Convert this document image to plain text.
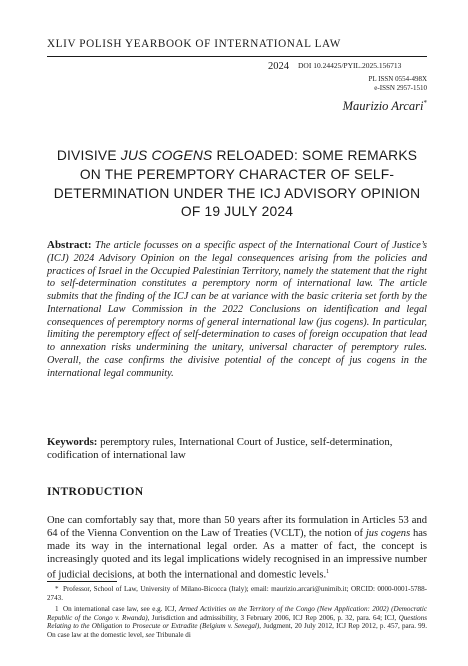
XLIV POLISH YEARBOOK OF INTERNATIONAL LAW
2024 DOI 10.24425/PYIL.2025.156713
PL ISSN 0554-498X
e-ISSN 2957-1510
Maurizio Arcari*
DIVISIVE JUS COGENS RELOADED: SOME REMARKS ON THE PEREMPTORY CHARACTER OF SELF-DETERMINATION UNDER THE ICJ ADVISORY OPINION OF 19 JULY 2024
Abstract: The article focusses on a specific aspect of the International Court of Justice’s (ICJ) 2024 Advisory Opinion on the legal consequences arising from the policies and practices of Israel in the Occupied Palestinian Territory, namely the statement that the right to self-determination constitutes a peremptory norm of international law. The article submits that the finding of the ICJ can be at variance with the basic criteria set forth by the International Law Commission in the 2022 Conclusions on identification and legal consequences of peremptory norms of general international law (jus cogens). In particular, limiting the peremptory effect of self-determination to cases of foreign occupation that lead to annexation risks undermining the unitary, universal character of peremptory rules. Overall, the case confirms the divisive potential of the concept of jus cogens in the international legal community.
Keywords: peremptory rules, International Court of Justice, self-determination, codification of international law
INTRODUCTION
One can comfortably say that, more than 50 years after its formulation in Articles 53 and 64 of the Vienna Convention on the Law of Treaties (VCLT), the notion of jus cogens has made its way in the international legal order. As a matter of fact, the concept is increasingly quoted and its legal implications widely recognised in an impressive number of judicial decisions, at both the international and domestic levels.$^1$
* Professor, School of Law, University of Milano-Bicocca (Italy); email: maurizio.arcari@unimib.it; ORCID: 0000-0001-5788-2743.
1 On international case law, see e.g. ICJ, Armed Activities on the Territory of the Congo (New Application: 2002) (Democratic Republic of the Congo v. Rwanda), Jurisdiction and admissibility, 3 February 2006, ICJ Rep 2006, p. 32, para. 64; ICJ, Questions Relating to the Obligation to Prosecute or Extradite (Belgium v. Senegal), Judgment, 20 July 2012, ICJ Rep 2012, p. 457, para. 99. On case law at the domestic level, see Tribunale di
